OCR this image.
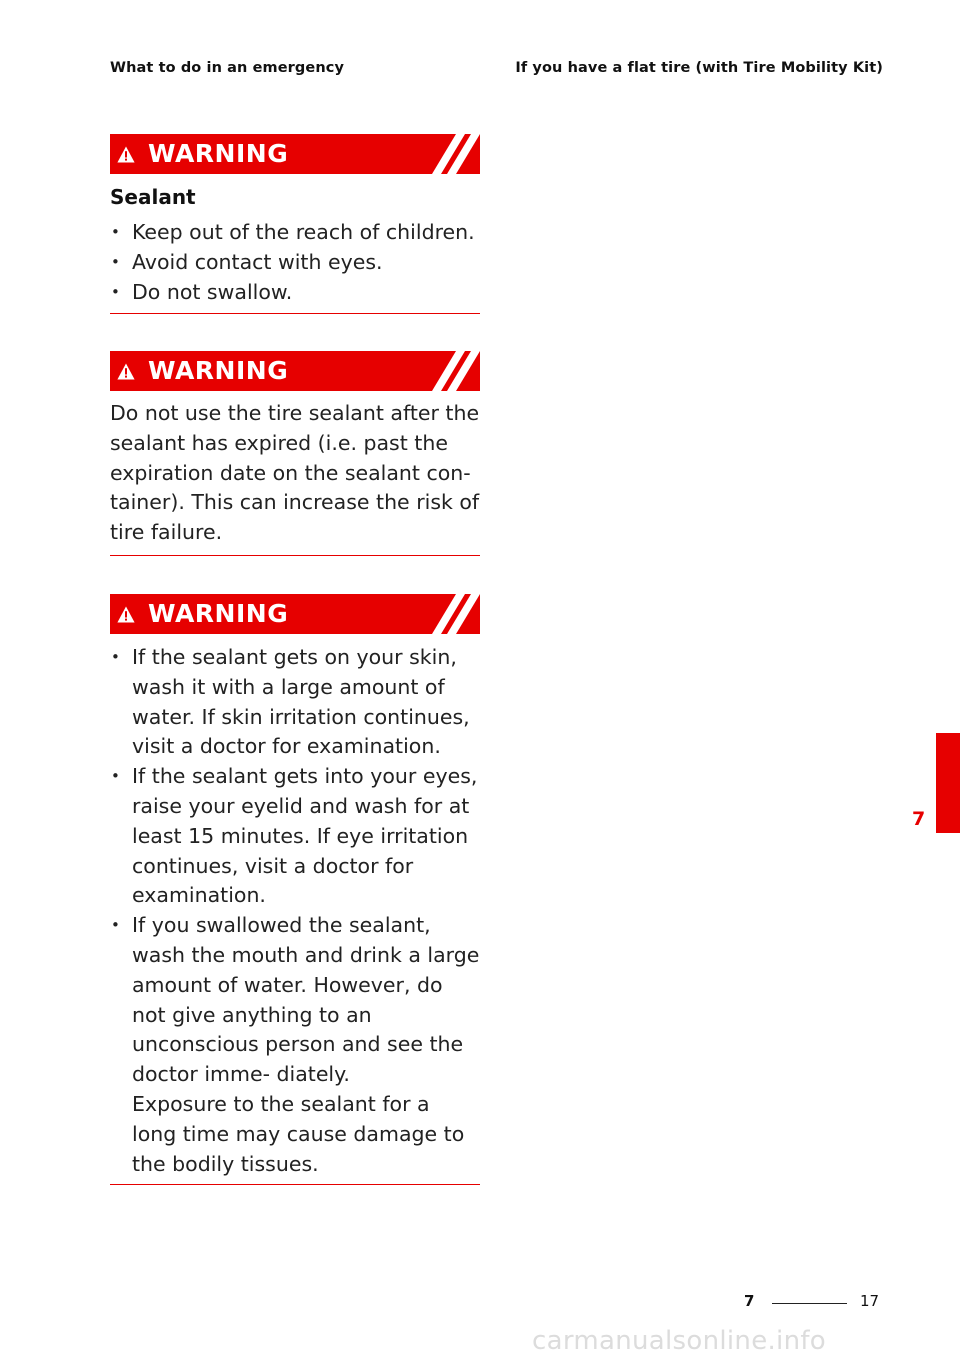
What to do in an emergency	If you have a flat tire (with Tire Mobility Kit)
WARNING
Sealant
• Keep out of the reach of children.
• Avoid contact with eyes.
• Do not swallow.
WARNING

Do not use the tire sealant after the sealant has expired (i.e. past the expiration date on the sealant con- tainer). This can increase the risk of tire failure.

WARNING
• If the sealant gets on your skin, wash it with a large amount of water. If skin irritation continues, visit a doctor for examination.
• If the sealant gets into your eyes, raise your eyelid and wash for at least 15 minutes. If eye irritation continues, visit a doctor for examination.
• If you swallowed the sealant, wash the mouth and drink a large amount of water. However, do not give anything to an unconscious person and see the doctor imme- diately.

Exposure to the sealant for a long time may cause damage to the bodily tissues.

7
7	17
carmanualsonline.info
